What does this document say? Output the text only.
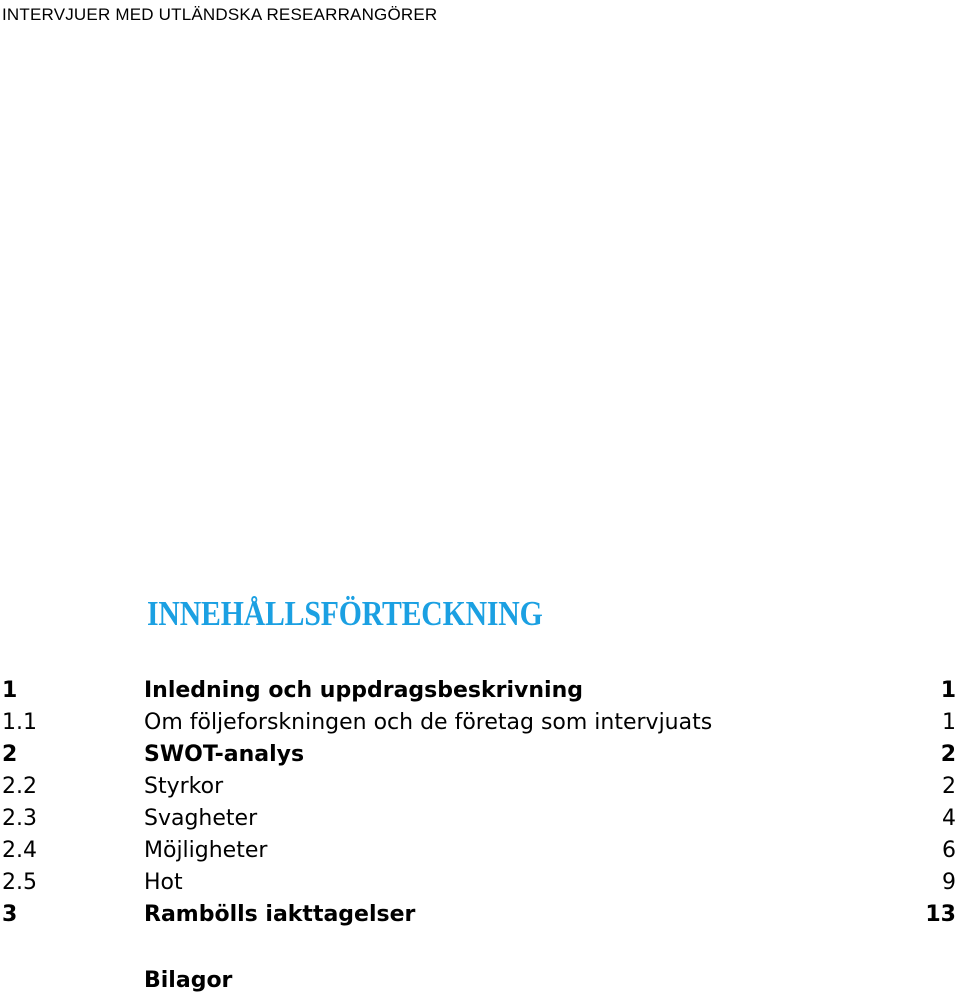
INTERVJUER MED UTLÄNDSKA RESEARRANGÖRER
INNEHÅLLSFÖRTECKNING
1	Inledning och uppdragsbeskrivning	1
1.1	Om följeforskningen och de företag som intervjuats	1
2	SWOT-analys	2
2.2	Styrkor	2
2.3	Svagheter	4
2.4	Möjligheter	6
2.5	Hot	9
3	Rambölls iakttagelser	13
Bilagor
